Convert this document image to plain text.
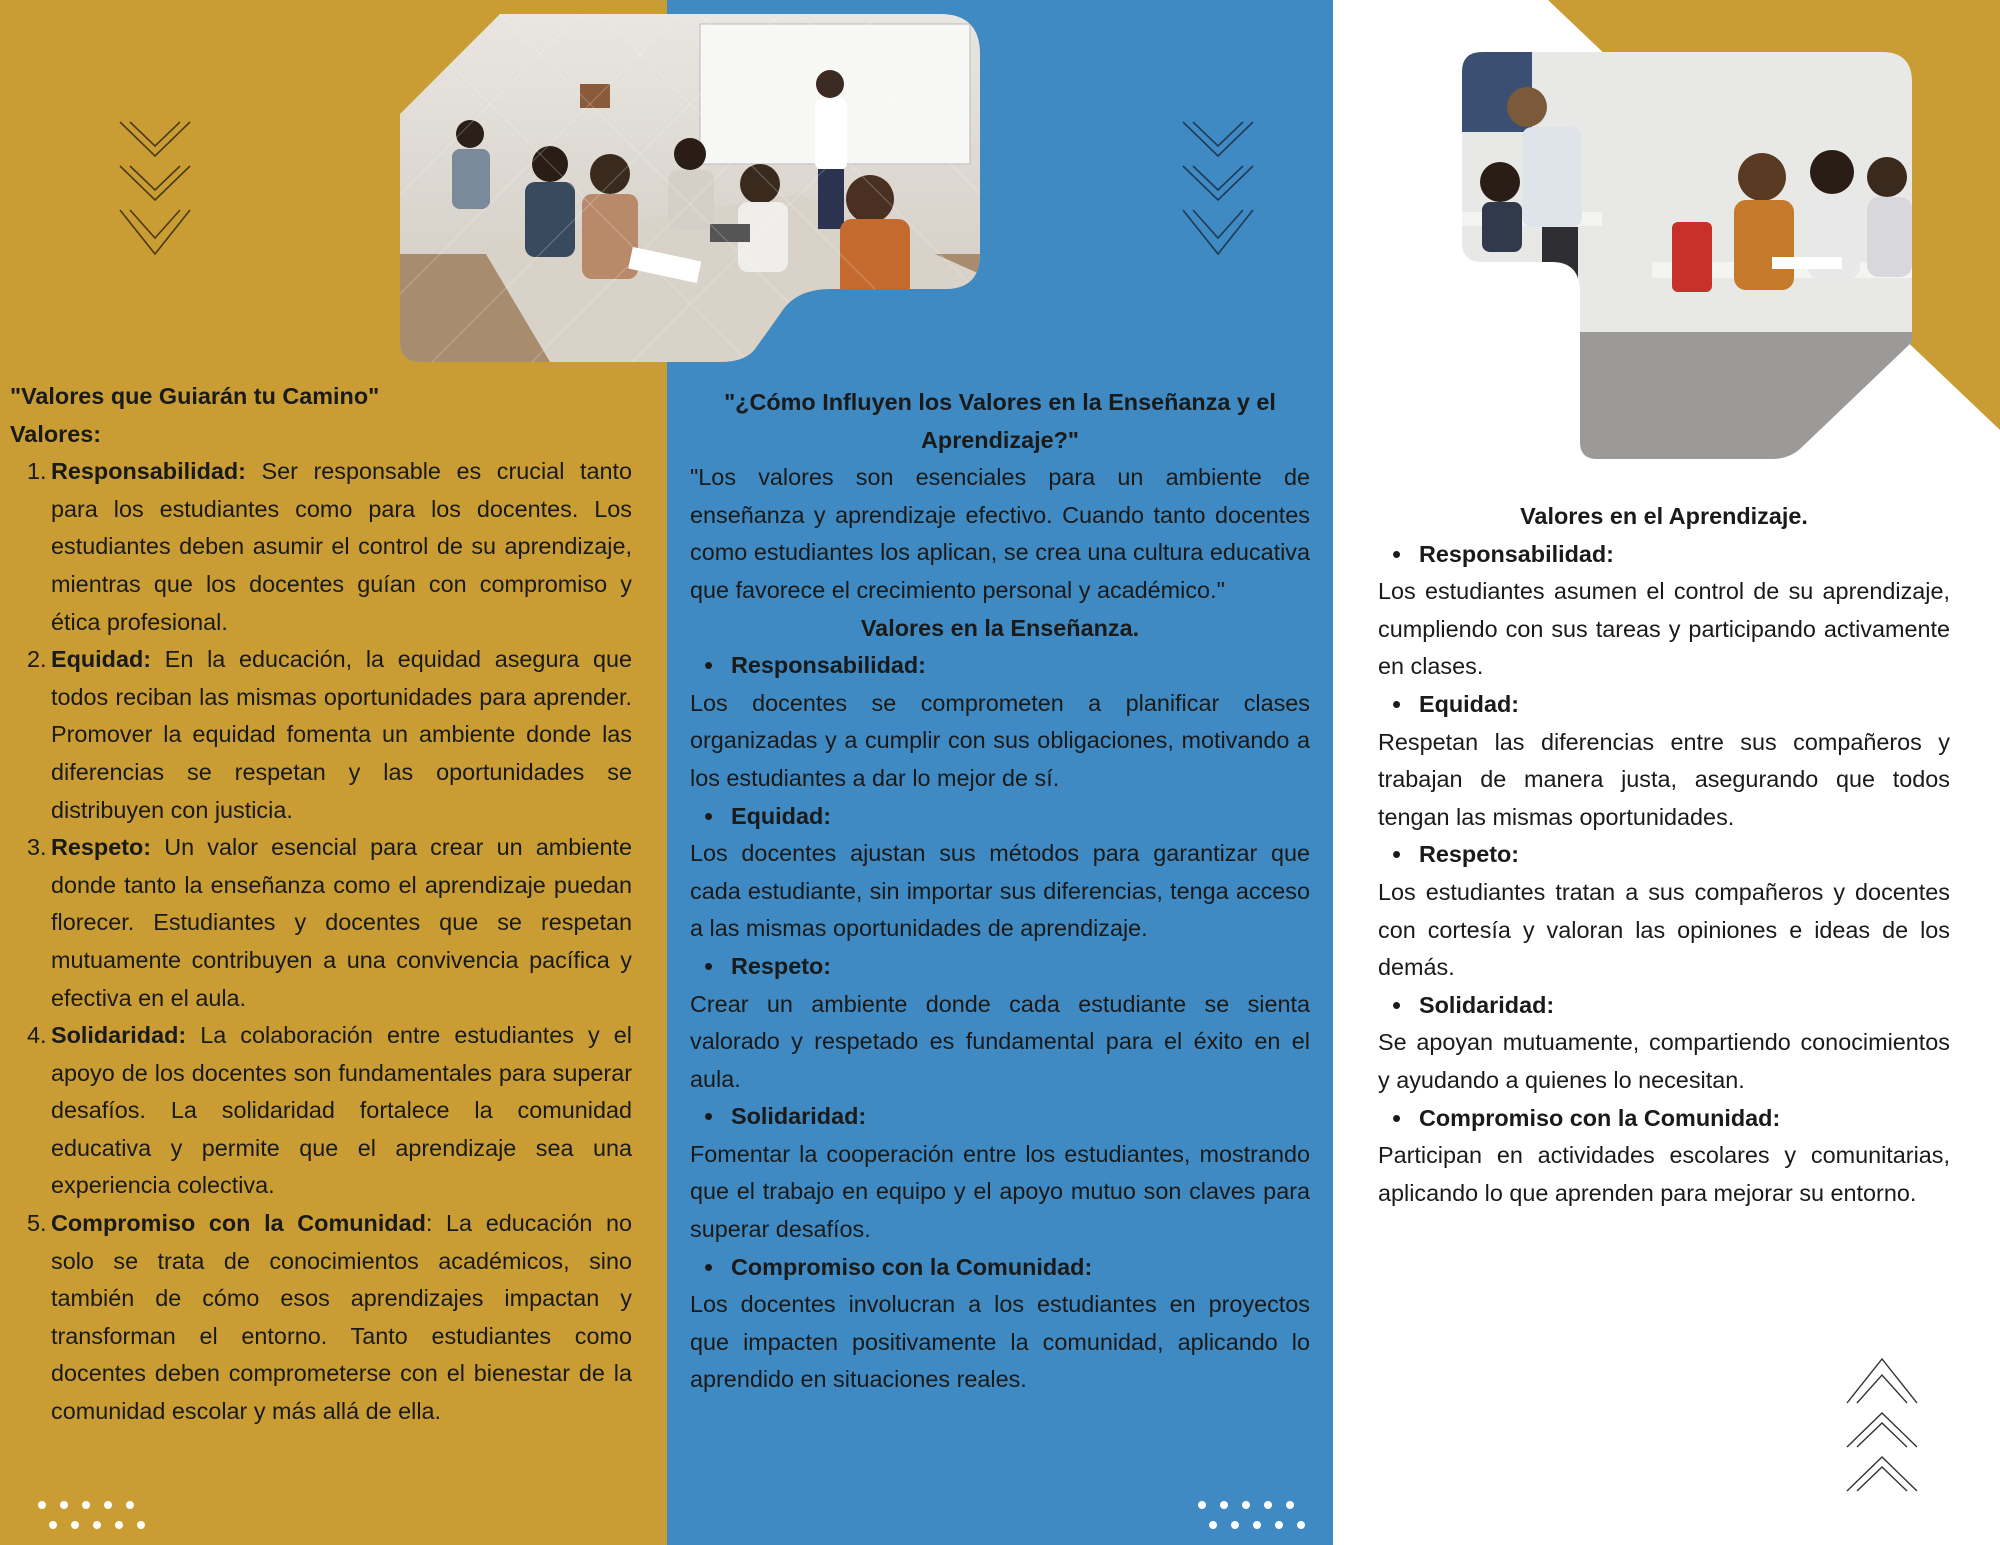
"Valores que Guiarán tu Camino"

Valores:

1. Responsabilidad: Ser responsable es crucial tanto para los estudiantes como para los docentes. Los estudiantes deben asumir el control de su aprendizaje, mientras que los docentes guían con compromiso y ética profesional.
2. Equidad: En la educación, la equidad asegura que todos reciban las mismas oportunidades para aprender. Promover la equidad fomenta un ambiente donde las diferencias se respetan y las oportunidades se distribuyen con justicia.
3. Respeto: Un valor esencial para crear un ambiente donde tanto la enseñanza como el aprendizaje puedan florecer. Estudiantes y docentes que se respetan mutuamente contribuyen a una convivencia pacífica y efectiva en el aula.
4. Solidaridad: La colaboración entre estudiantes y el apoyo de los docentes son fundamentales para superar desafíos. La solidaridad fortalece la comunidad educativa y permite que el aprendizaje sea una experiencia colectiva.
5. Compromiso con la Comunidad: La educación no solo se trata de conocimientos académicos, sino también de cómo esos aprendizajes impactan y transforman el entorno. Tanto estudiantes como docentes deben comprometerse con el bienestar de la comunidad escolar y más allá de ella.

"¿Cómo Influyen los Valores en la Enseñanza y el Aprendizaje?"

"Los valores son esenciales para un ambiente de enseñanza y aprendizaje efectivo. Cuando tanto docentes como estudiantes los aplican, se crea una cultura educativa que favorece el crecimiento personal y académico."

Valores en la Enseñanza.

• Responsabilidad:

Los docentes se comprometen a planificar clases organizadas y a cumplir con sus obligaciones, motivando a los estudiantes a dar lo mejor de sí.

• Equidad:

Los docentes ajustan sus métodos para garantizar que cada estudiante, sin importar sus diferencias, tenga acceso a las mismas oportunidades de aprendizaje.

• Respeto:

Crear un ambiente donde cada estudiante se sienta valorado y respetado es fundamental para el éxito en el aula.

• Solidaridad:

Fomentar la cooperación entre los estudiantes, mostrando que el trabajo en equipo y el apoyo mutuo son claves para superar desafíos.

• Compromiso con la Comunidad:

Los docentes involucran a los estudiantes en proyectos que impacten positivamente la comunidad, aplicando lo aprendido en situaciones reales.

Valores en el Aprendizaje.

• Responsabilidad:

Los estudiantes asumen el control de su aprendizaje, cumpliendo con sus tareas y participando activamente en clases.

• Equidad:

Respetan las diferencias entre sus compañeros y trabajan de manera justa, asegurando que todos tengan las mismas oportunidades.

• Respeto:

Los estudiantes tratan a sus compañeros y docentes con cortesía y valoran las opiniones e ideas de los demás.

• Solidaridad:

Se apoyan mutuamente, compartiendo conocimientos y ayudando a quienes lo necesitan.

• Compromiso con la Comunidad:

Participan en actividades escolares y comunitarias, aplicando lo que aprenden para mejorar su entorno.
